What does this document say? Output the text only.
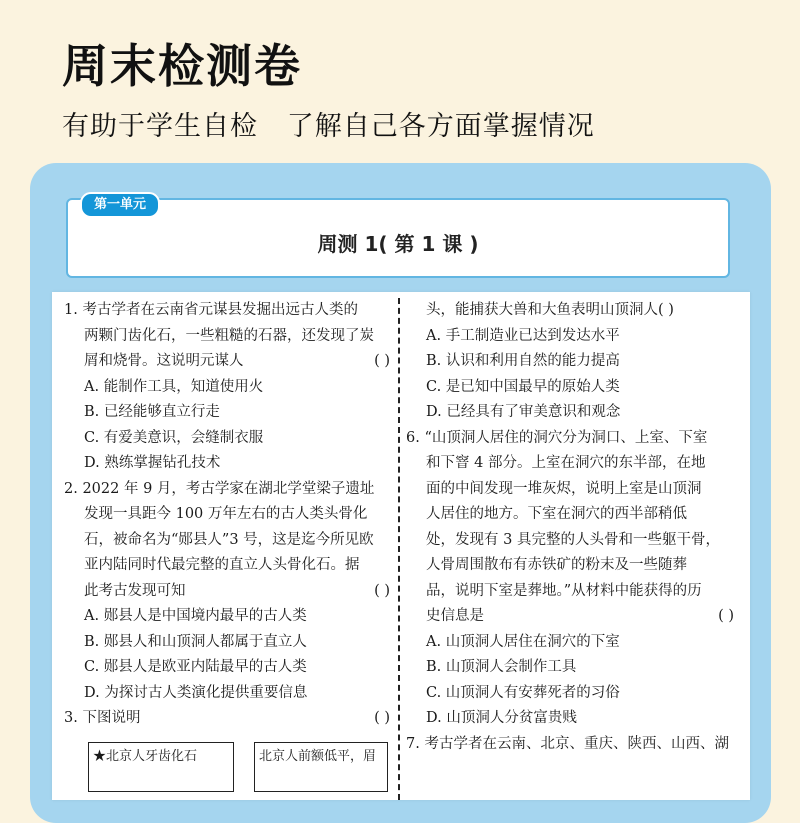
周末检测卷
有助于学生自检   了解自己各方面掌握情况
第一单元
周测 1( 第 1 课 )
1. 考古学者在云南省元谋县发掘出远古人类的
两颗门齿化石，一些粗糙的石器，还发现了炭
屑和烧骨。这说明元谋人	( )
A. 能制作工具，知道使用火
B. 已经能够直立行走
C. 有爱美意识，会缝制衣服
D. 熟练掌握钻孔技术
2. 2022 年 9 月，考古学家在湖北学堂梁子遗址
发现一具距今 100 万年左右的古人类头骨化
石，被命名为“郧县人”3 号，这是迄今所见欧
亚内陆同时代最完整的直立人头骨化石。据
此考古发现可知	( )
A. 郧县人是中国境内最早的古人类
B. 郧县人和山顶洞人都属于直立人
C. 郧县人是欧亚内陆最早的古人类
D. 为探讨古人类演化提供重要信息
3. 下图说明	( )
★北京人牙齿化石	北京人前额低平，眉
头，能捕获大兽和大鱼表明山顶洞人( )
A. 手工制造业已达到发达水平
B. 认识和利用自然的能力提高
C. 是已知中国最早的原始人类
D. 已经具有了审美意识和观念
6. “山顶洞人居住的洞穴分为洞口、上室、下室
和下窨 4 部分。上室在洞穴的东半部，在地
面的中间发现一堆灰烬，说明上室是山顶洞
人居住的地方。下室在洞穴的西半部稍低
处，发现有 3 具完整的人头骨和一些躯干骨，
人骨周围散布有赤铁矿的粉末及一些随葬
品，说明下室是葬地。”从材料中能获得的历
史信息是	( )
A. 山顶洞人居住在洞穴的下室
B. 山顶洞人会制作工具
C. 山顶洞人有安葬死者的习俗
D. 山顶洞人分贫富贵贱
7. 考古学者在云南、北京、重庆、陕西、山西、湖
